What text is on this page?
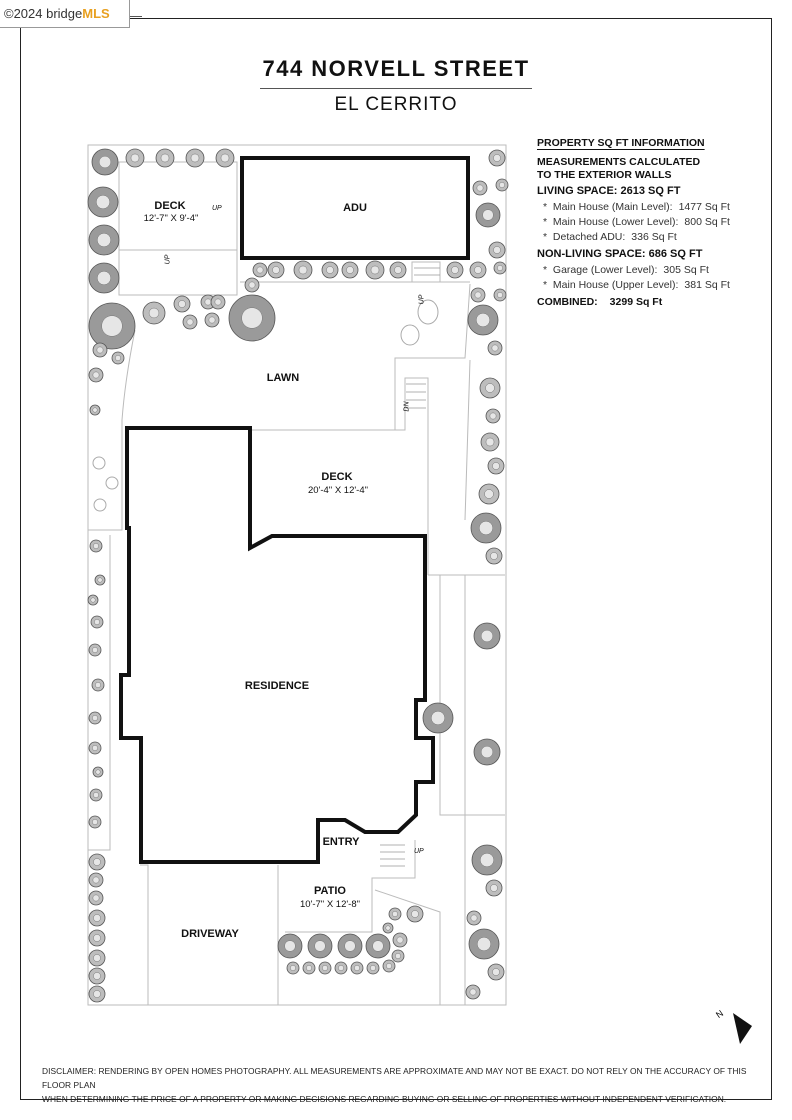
©2024 bridgeMLS
744 NORVELL STREET
EL CERRITO
N
DECK
12'-7" X 9'-4"
UP
UP
ADU
UP
LAWN
DN
DECK
20'-4" X 12'-4"
RESIDENCE
ENTRY
UP
PATIO
10'-7" X 12'-8"
DRIVEWAY
PROPERTY SQ FT INFORMATION
MEASUREMENTS CALCULATED
TO THE EXTERIOR WALLS
LIVING SPACE: 2613 SQ FT
*  Main House (Main Level): 1477 Sq Ft
*  Main House (Lower Level): 800 Sq Ft
*  Detached ADU: 336 Sq Ft
NON-LIVING SPACE: 686 SQ FT
*  Garage (Lower Level): 305 Sq Ft
*  Main House (Upper Level): 381 Sq Ft
COMBINED: 3299 Sq Ft
DISCLAIMER: RENDERING BY OPEN HOMES PHOTOGRAPHY. ALL MEASUREMENTS ARE APPROXIMATE AND MAY NOT BE EXACT. DO NOT RELY ON THE ACCURACY OF THIS FLOOR PLAN
WHEN DETERMINING THE PRICE OF A PROPERTY OR MAKING DECISIONS REGARDING BUYING OR SELLING OF PROPERTIES WITHOUT INDEPENDENT VERIFICATION.
